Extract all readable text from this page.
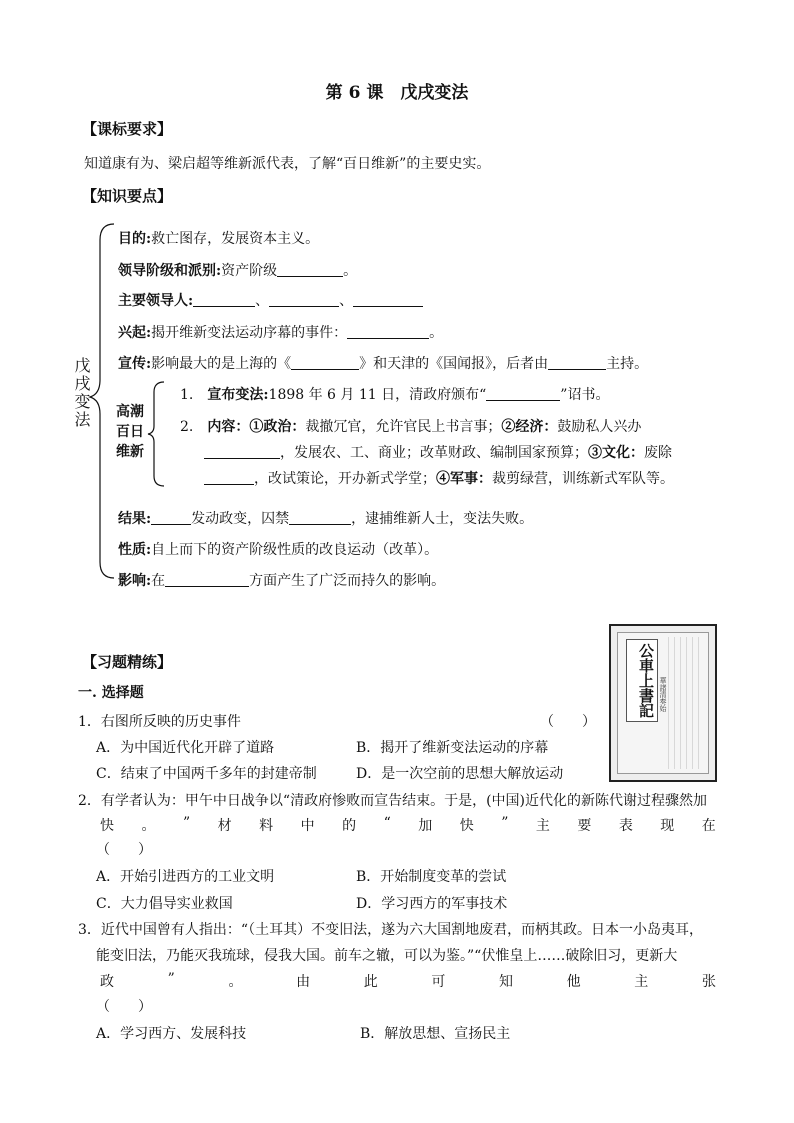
第 6 课　戊戌变法
【课标要求】
知道康有为、梁启超等维新派代表，了解“百日维新”的主要史实。
【知识要点】
戊戌变法
目的:救亡图存，发展资本主义。
领导阶级和派别:资产阶级	。
主要领导人:	、	、
兴起:揭开维新变法运动序幕的事件：	。
宣传:影响最大的是上海的《	》和天津的《国闻报》，后者由	主持。
高潮百日维新
1.　 宣布变法:1898 年 6 月 11 日，清政府颁布“	”诏书。
2.　 内容：①政治：裁撤冗官，允许官民上书言事；②经济：鼓励私人兴办
，发展农、工、商业；改革财政、编制国家预算；③文化：废除
，改试策论，开办新式学堂；④军事：裁剪绿营，训练新式军队等。
结果:	发动政变，囚禁	，逮捕维新人士，变法失败。
性质:自上而下的资产阶级性质的改良运动（改革）。
影响:在	方面产生了广泛而持久的影响。
公車上書記 華諸清奏始
【习题精练】
一. 选择题
1．右图所反映的历史事件	（　　）
A．为中国近代化开辟了道路	B．揭开了维新变法运动的序幕
C．结束了中国两千多年的封建帝制	D．是一次空前的思想大解放运动
2．有学者认为：甲午中日战争以“清政府惨败而宣告结束。于是，(中国)近代化的新陈代谢过程骤然加
快 。 ” 材 料 中 的 “ 加 快 ” 主 要 表 现 在
（　　）
A．开始引进西方的工业文明	B．开始制度变革的尝试
C．大力倡导实业救国	D．学习西方的军事技术
3．近代中国曾有人指出：“（土耳其）不变旧法，遂为六大国割地废君，而柄其政。日本一小岛夷耳，
能变旧法，乃能灭我琉球，侵我大国。前车之辙，可以为鉴。”“伏惟皇上……破除旧习，更新大
政	”	。	由	此	可	知	他	主	张
（　　）
A．学习西方、发展科技	B．解放思想、宣扬民主
